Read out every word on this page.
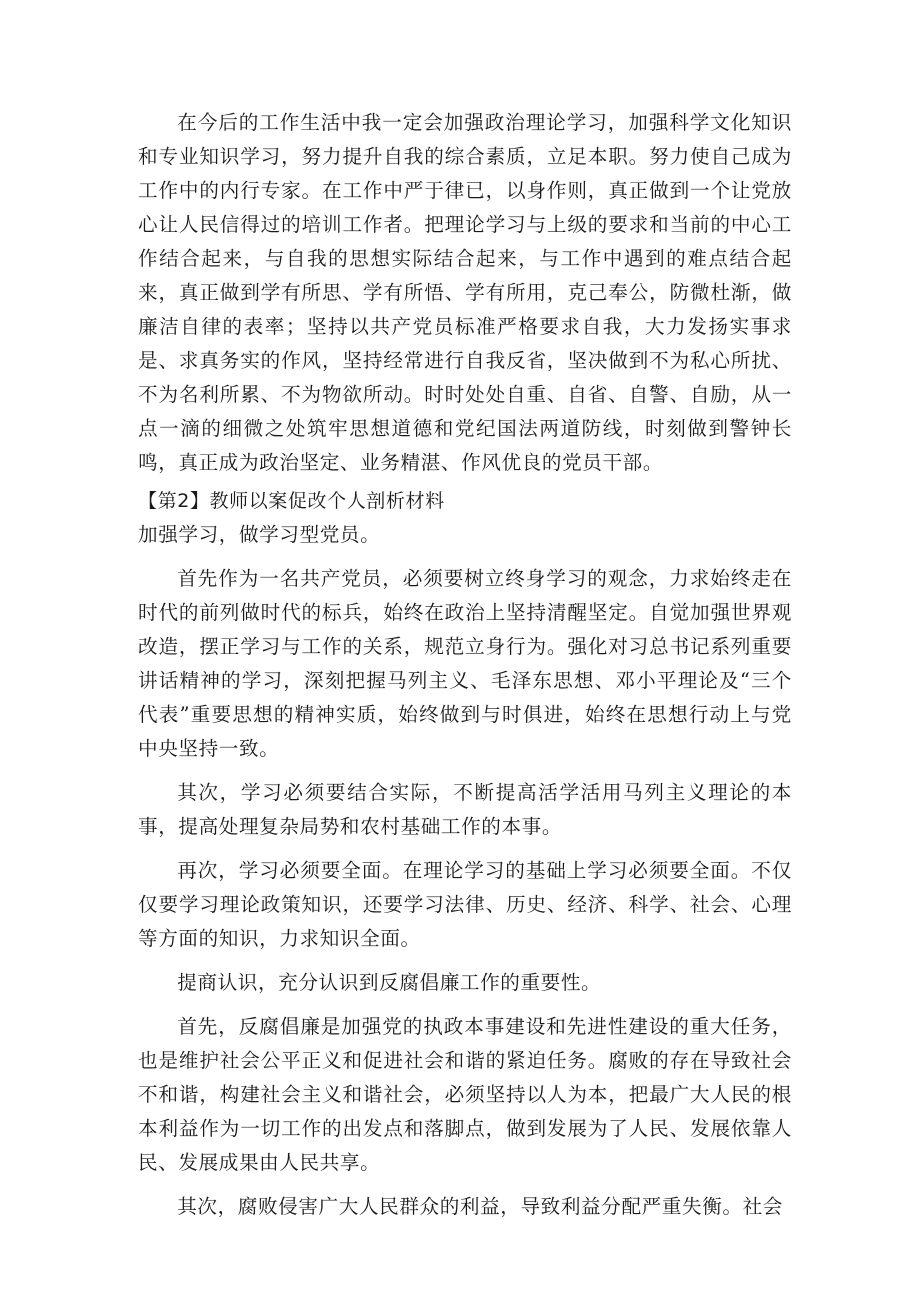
在今后的工作生活中我一定会加强政治理论学习，加强科学文化知识和专业知识学习，努力提升自我的综合素质，立足本职。努力使自己成为工作中的内行专家。在工作中严于律已，以身作则，真正做到一个让党放心让人民信得过的培训工作者。把理论学习与上级的要求和当前的中心工作结合起来，与自我的思想实际结合起来，与工作中遇到的难点结合起来，真正做到学有所思、学有所悟、学有所用，克己奉公，防微杜渐，做廉洁自律的表率；坚持以共产党员标准严格要求自我，大力发扬实事求是、求真务实的作风，坚持经常进行自我反省，坚决做到不为私心所扰、不为名利所累、不为物欲所动。时时处处自重、自省、自警、自励，从一点一滴的细微之处筑牢思想道德和党纪国法两道防线，时刻做到警钟长鸣，真正成为政治坚定、业务精湛、作风优良的党员干部。

【第2】教师以案促改个人剖析材料

加强学习，做学习型党员。

首先作为一名共产党员，必须要树立终身学习的观念，力求始终走在时代的前列做时代的标兵，始终在政治上坚持清醒坚定。自觉加强世界观改造，摆正学习与工作的关系，规范立身行为。强化对习总书记系列重要讲话精神的学习，深刻把握马列主义、毛泽东思想、邓小平理论及“三个代表”重要思想的精神实质，始终做到与时俱进，始终在思想行动上与党中央坚持一致。

其次，学习必须要结合实际，不断提高活学活用马列主义理论的本事，提高处理复杂局势和农村基础工作的本事。

再次，学习必须要全面。在理论学习的基础上学习必须要全面。不仅仅要学习理论政策知识，还要学习法律、历史、经济、科学、社会、心理等方面的知识，力求知识全面。

提商认识，充分认识到反腐倡廉工作的重要性。

首先，反腐倡廉是加强党的执政本事建设和先进性建设的重大任务，也是维护社会公平正义和促进社会和谐的紧迫任务。腐败的存在导致社会不和谐，构建社会主义和谐社会，必须坚持以人为本，把最广大人民的根本利益作为一切工作的出发点和落脚点，做到发展为了人民、发展依靠人民、发展成果由人民共享。

其次，腐败侵害广大人民群众的利益，导致利益分配严重失衡。社会
